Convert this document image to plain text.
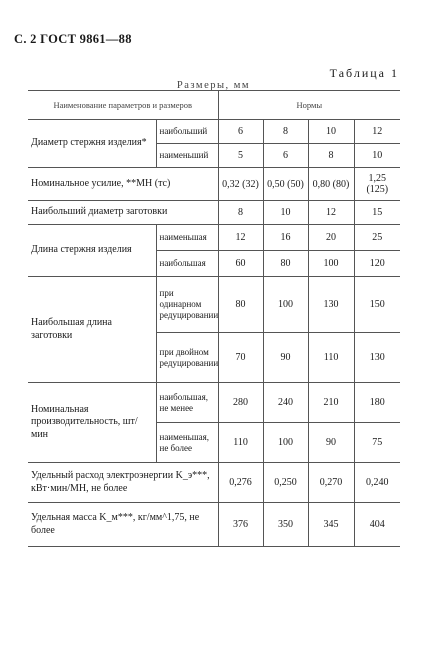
С. 2 ГОСТ 9861—88
Таблица 1
Размеры, мм
Наименование параметров и размеров		Нормы			
Диаметр стержня изделия*	наибольший	6	8	10	12
	наименьший	5	6	8	10
Номинальное усилие, **МН (тс)		0,32 (32)	0,50 (50)	0,80 (80)	1,25 (125)
Наибольший диаметр заготовки		8	10	12	15
Длина стержня изделия	наименьшая	12	16	20	25
	наибольшая	60	80	100	120
Наибольшая длина заготовки	при одинарном редуцировании	80	100	130	150
	при двойном редуцировании	70	90	110	130
Номинальная производительность, шт/мин	наибольшая, не менее	280	240	210	180
	наименьшая, не более	110	100	90	75
Удельный расход электроэнергии K_э***, кВт·мин/МН, не более		0,276	0,250	0,270	0,240
Удельная масса K_м***, кг/мм^1,75, не более		376	350	345	404
